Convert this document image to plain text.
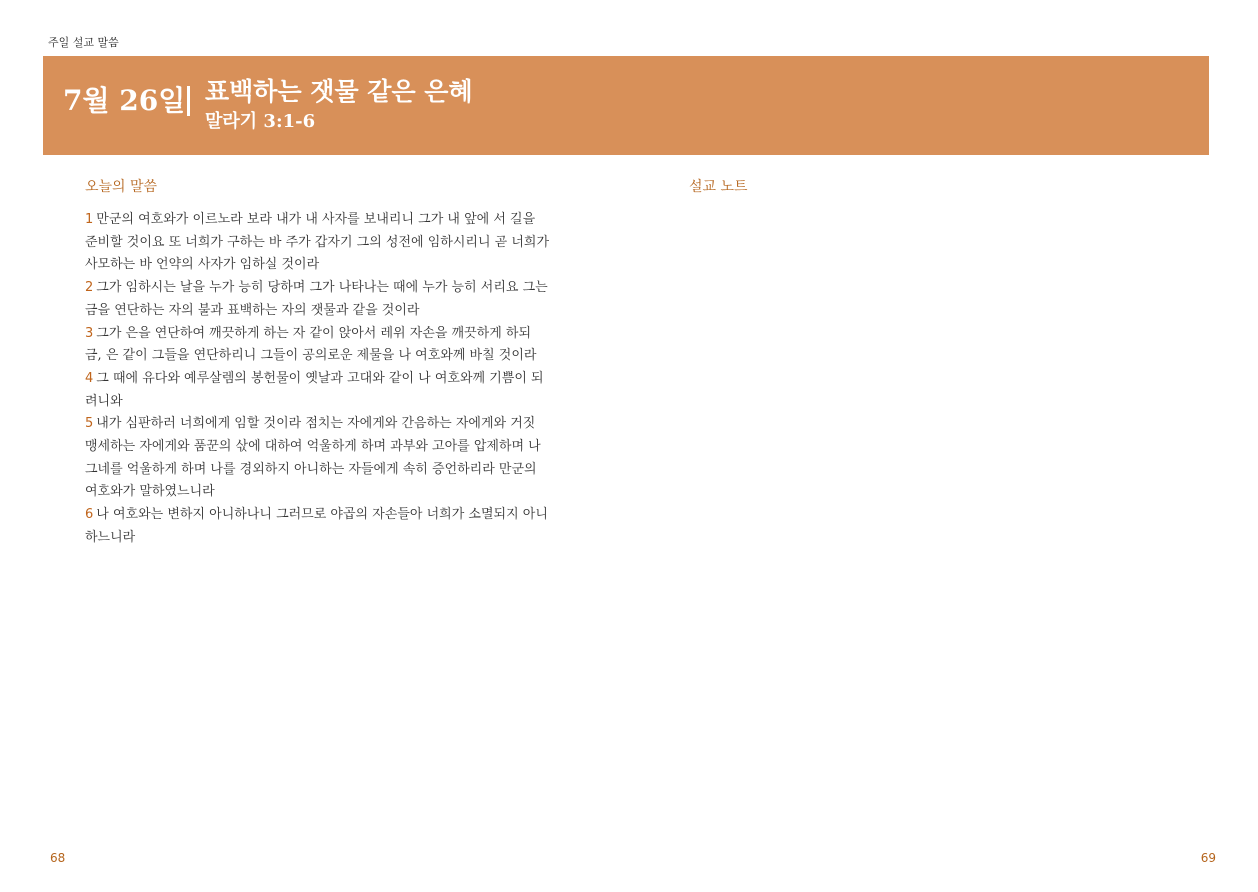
주일 설교 말씀
7월 26일 표백하는 잿물 같은 은혜
말라기 3:1-6
오늘의 말씀	설교 노트

1 만군의 여호와가 이르노라 보라 내가 내 사자를 보내리니 그가 내 앞에 서 길을 준비할 것이요 또 너희가 구하는 바 주가 갑자기 그의 성전에 임하시리니 곧 너희가 사모하는 바 언약의 사자가 임하실 것이라

2 그가 임하시는 날을 누가 능히 당하며 그가 나타나는 때에 누가 능히 서리요 그는 금을 연단하는 자의 불과 표백하는 자의 잿물과 같을 것이라

3 그가 은을 연단하여 깨끗하게 하는 자 같이 앉아서 레위 자손을 깨끗하게 하되 금, 은 같이 그들을 연단하리니 그들이 공의로운 제물을 나 여호와께 바칠 것이라

4 그 때에 유다와 예루살렘의 봉헌물이 옛날과 고대와 같이 나 여호와께 기쁨이 되려니와

5 내가 심판하러 너희에게 임할 것이라 점치는 자에게와 간음하는 자에게와 거짓 맹세하는 자에게와 품꾼의 삯에 대하여 억울하게 하며 과부와 고아를 압제하며 나그네를 억울하게 하며 나를 경외하지 아니하는 자들에게 속히 증언하리라 만군의 여호와가 말하였느니라

6 나 여호와는 변하지 아니하나니 그러므로 야곱의 자손들아 너희가 소멸되지 아니하느니라

68	69
